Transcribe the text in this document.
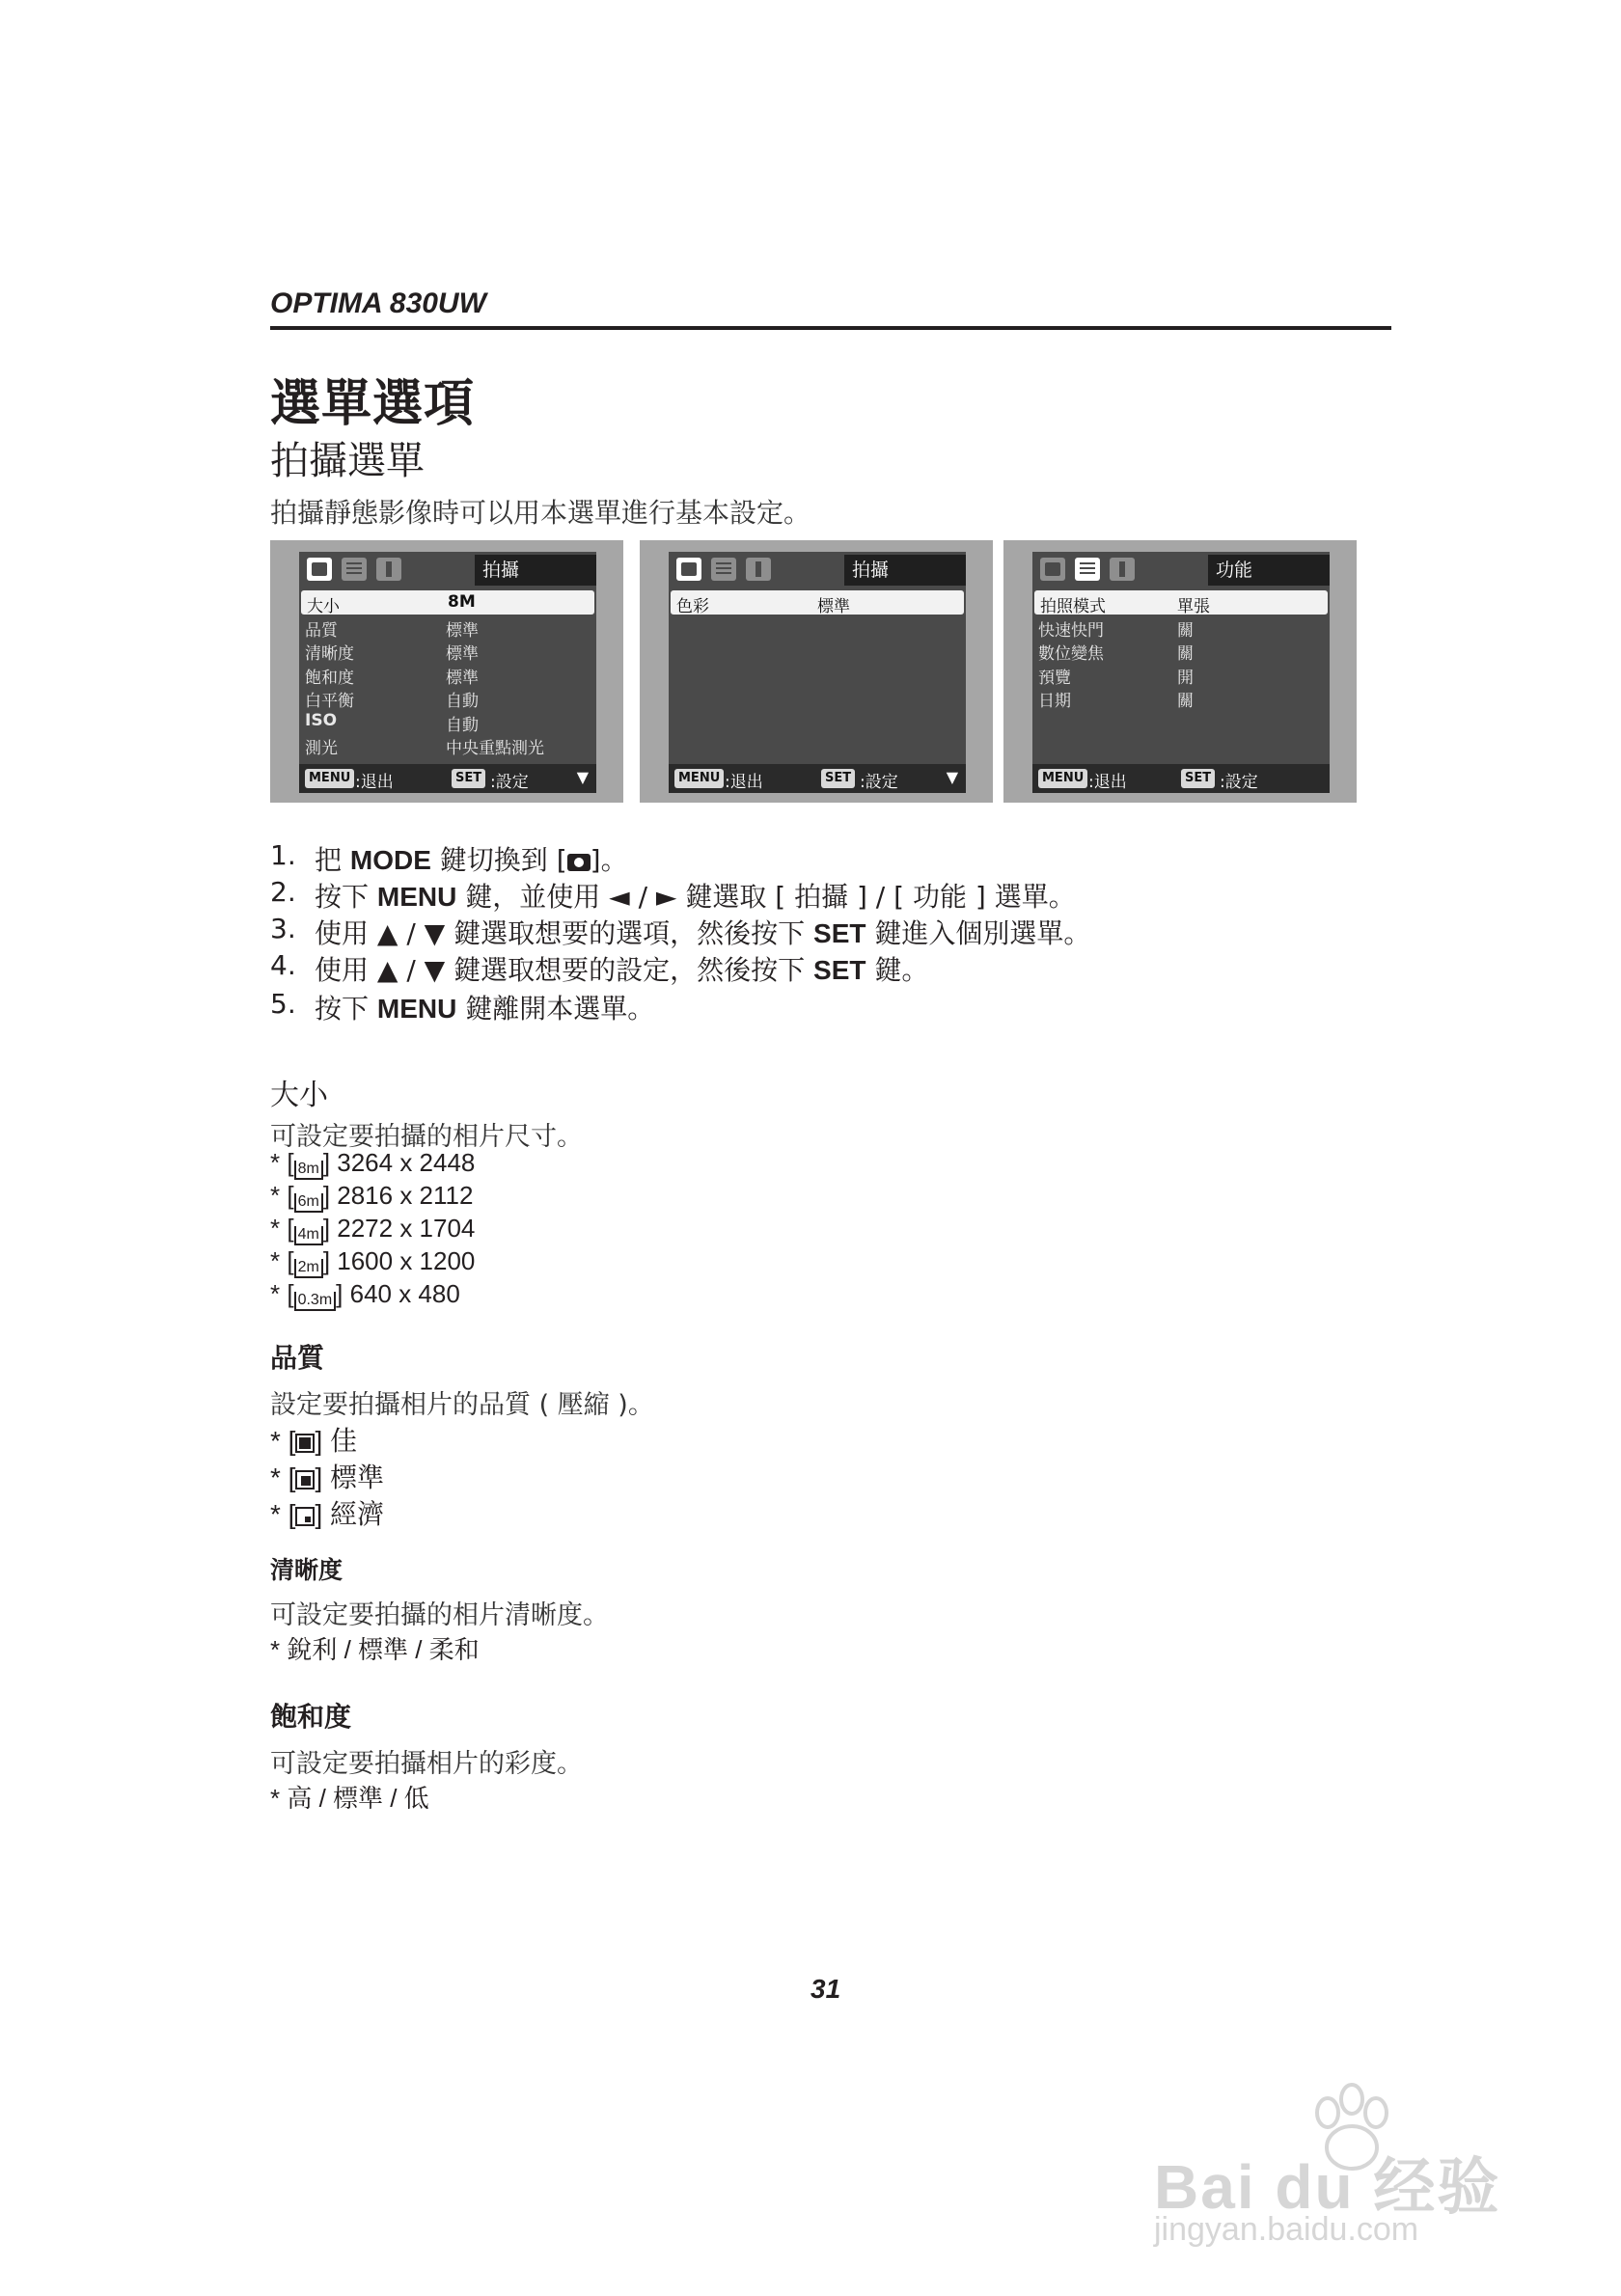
OPTIMA 830UW
選單選項
拍攝選單
拍攝靜態影像時可以用本選單進行基本設定。
拍攝
大小	8M
品質	標準
清晰度	標準
飽和度	標準
白平衡	自動
ISO	自動
測光	中央重點測光
MENU :退出	SET :設定	▼
拍攝
色彩	標準
MENU :退出	SET :設定	▼
功能
拍照模式	單張
快速快門	關
數位變焦	關
預覽	開
日期	關
MENU :退出	SET :設定
1. 把 MODE 鍵切換到 [ ]。
2. 按下 MENU 鍵，並使用 ◄ / ► 鍵選取 [ 拍攝 ] / [ 功能 ] 選單。
3. 使用 ▲ / ▼ 鍵選取想要的選項，然後按下 SET 鍵進入個別選單。
4. 使用 ▲ / ▼ 鍵選取想要的設定，然後按下 SET 鍵。
5. 按下 MENU 鍵離開本選單。
大小
可設定要拍攝的相片尺寸。
* [ 8m ] 3264 x 2448
* [ 6m ] 2816 x 2112
* [ 4m ] 2272 x 1704
* [ 2m ] 1600 x 1200
* [ 0.3m ] 640 x 480
品質
設定要拍攝相片的品質 ( 壓縮 )。
* [ ] 佳
* [ ] 標準
* [ ] 經濟
清晰度
可設定要拍攝的相片清晰度。
* 銳利 / 標準 / 柔和
飽和度
可設定要拍攝相片的彩度。
* 高 / 標準 / 低
31
Bai du 经验
jingyan.baidu.com
